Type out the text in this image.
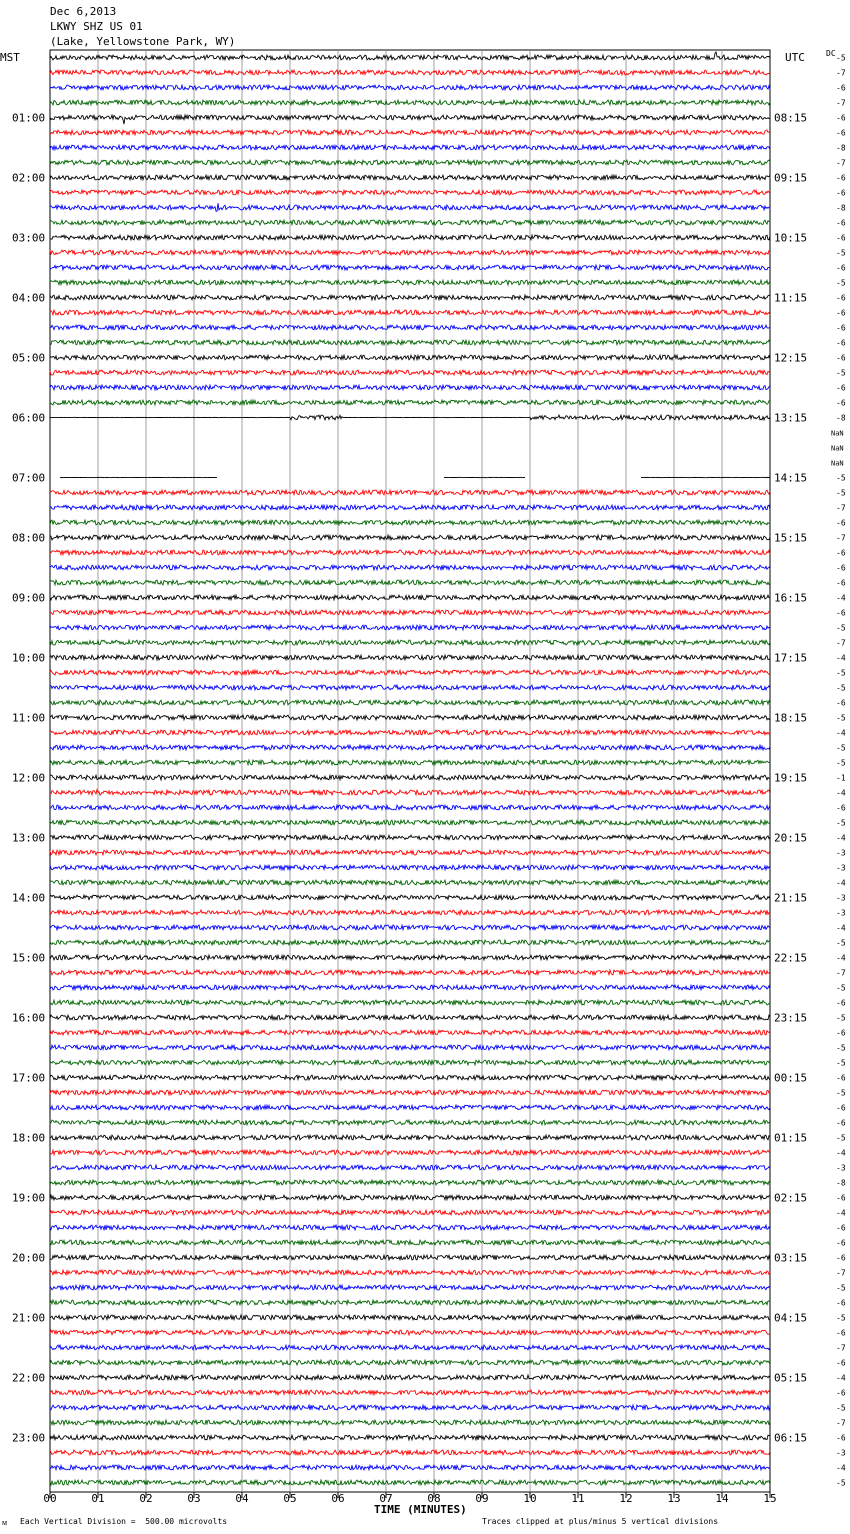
Dec 6,2013
LKWY SHZ US 01
(Lake, Yellowstone Park, WY)
MST	UTC	DC
00	01	02	03	04	05	06	07	08	09	10	11	12	13	14	15
-5
-7
-6
-7
-6
01:00	08:15
-6
-8
-7
-6
02:00	09:15
-6
-8
-6
-6
03:00	10:15
-5
-6
-5
-6
04:00	11:15
-6
-6
-6
-6
05:00	12:15
-5
-6
-6
-8
06:00	13:15
NaN
NaN
NaN
-5
07:00	14:15
-5
-7
-6
-7
08:00	15:15
-6
-6
-6
-4
09:00	16:15
-6
-5
-7
-4
10:00	17:15
-5
-5
-6
-5
11:00	18:15
-4
-5
-5
-1
12:00	19:15
-4
-6
-5
-4
13:00	20:15
-3
-3
-4
-3
14:00	21:15
-3
-4
-5
-4
15:00	22:15
-7
-5
-6
-5
16:00	23:15
-6
-5
-5
-6
17:00	00:15
-5
-6
-6
-5
18:00	01:15
-4
-3
-8
-6
19:00	02:15
-4
-6
-6
-6
20:00	03:15
-7
-5
-6
-5
21:00	04:15
-6
-7
-6
-4
22:00	05:15
-6
-5
-7
-6
23:00	06:15
-3
-4
-5
TIME (MINUTES)
ᴍ Each Vertical Division =  500.00 microvolts	Traces clipped at plus/minus 5 vertical divisions
